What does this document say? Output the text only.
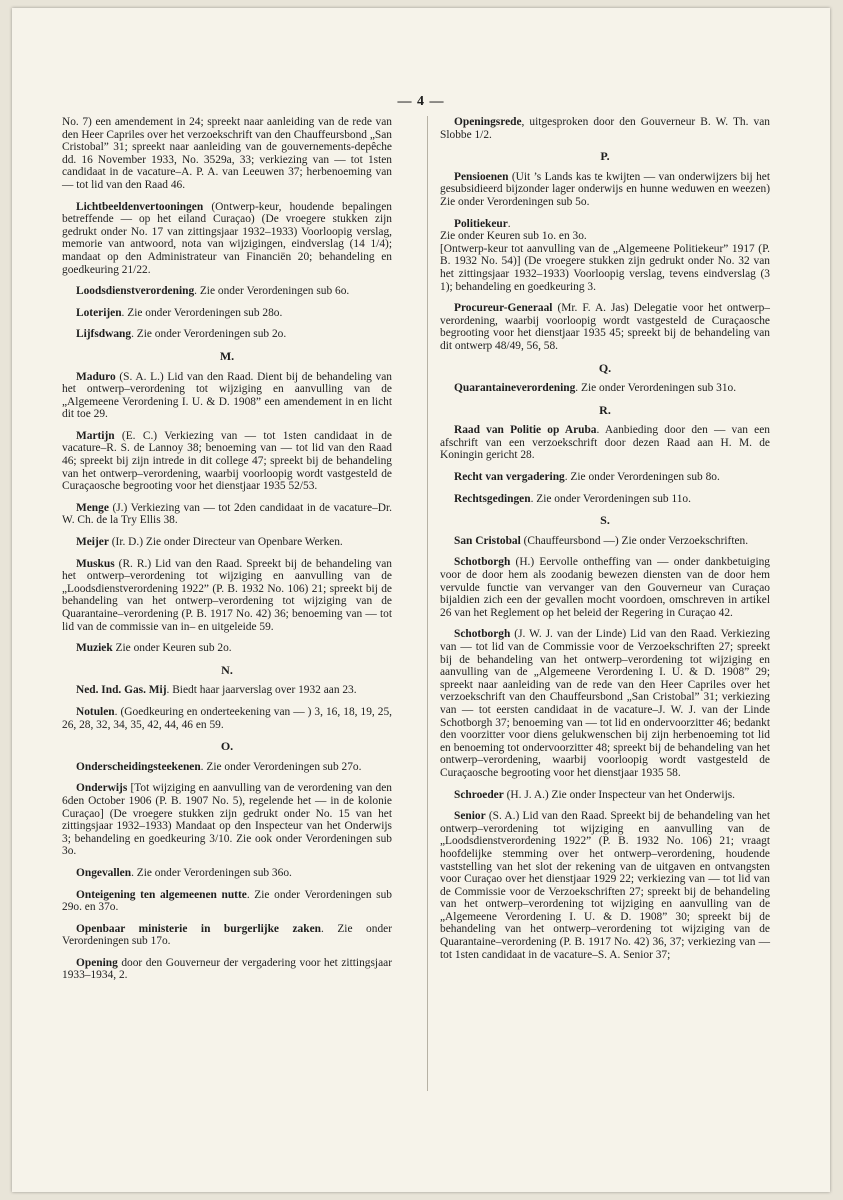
— 4 —
No. 7) een amendement in 24; spreekt naar aanleiding van de rede van den Heer Capriles over het verzoekschrift van den Chauffeursbond „San Cristobal” 31; spreekt naar aanleiding van de gouvernements-depêche dd. 16 November 1933, No. 3529a, 33; verkiezing van — tot 1sten candidaat in de vacature–A. P. A. van Leeuwen 37; herbenoeming van — tot lid van den Raad 46.
Lichtbeeldenvertooningen (Ontwerp-keur, houdende bepalingen betreffende — op het eiland Curaçao) (De vroegere stukken zijn gedrukt onder No. 17 van zittingsjaar 1932–1933) Voorloopig verslag, memorie van antwoord, nota van wijzigingen, eindverslag (14 1/4); mandaat op den Administrateur van Financiën 20; behandeling en goedkeuring 21/22.
Loodsdienstverordening. Zie onder Verordeningen sub 6o.
Loterijen. Zie onder Verordeningen sub 28o.
Lijfsdwang. Zie onder Verordeningen sub 2o.
M.
Maduro (S. A. L.) Lid van den Raad. Dient bij de behandeling van het ontwerp–verordening tot wijziging en aanvulling van de „Algemeene Verordening I. U. & D. 1908” een amendement in en licht dit toe 29.
Martijn (E. C.) Verkiezing van — tot 1sten candidaat in de vacature–R. S. de Lannoy 38; benoeming van — tot lid van den Raad 46; spreekt bij zijn intrede in dit college 47; spreekt bij de behandeling van het ontwerp–verordening, waarbij voorloopig wordt vastgesteld de Curaçaosche begrooting voor het dienstjaar 1935 52/53.
Menge (J.) Verkiezing van — tot 2den candidaat in de vacature–Dr. W. Ch. de la Try Ellis 38.
Meijer (Ir. D.) Zie onder Directeur van Openbare Werken.
Muskus (R. R.) Lid van den Raad. Spreekt bij de behandeling van het ontwerp–verordening tot wijziging en aanvulling van de „Loodsdienstverordening 1922” (P. B. 1932 No. 106) 21; spreekt bij de behandeling van het ontwerp–verordening tot wijziging van de Quarantaine–verordening (P. B. 1917 No. 42) 36; benoeming van — tot lid van de commissie van in– en uitgeleide 59.
Muziek Zie onder Keuren sub 2o.
N.
Ned. Ind. Gas. Mij. Biedt haar jaarverslag over 1932 aan 23.
Notulen. (Goedkeuring en onderteekening van — ) 3, 16, 18, 19, 25, 26, 28, 32, 34, 35, 42, 44, 46 en 59.
O.
Onderscheidingsteekenen. Zie onder Verordeningen sub 27o.
Onderwijs [Tot wijziging en aanvulling van de verordening van den 6den October 1906 (P. B. 1907 No. 5), regelende het — in de kolonie Curaçao] (De vroegere stukken zijn gedrukt onder No. 15 van het zittingsjaar 1932–1933) Mandaat op den Inspecteur van het Onderwijs 3; behandeling en goedkeuring 3/10. Zie ook onder Verordeningen sub 3o.
Ongevallen. Zie onder Verordeningen sub 36o.
Onteigening ten algemeenen nutte. Zie onder Verordeningen sub 29o. en 37o.
Openbaar ministerie in burgerlijke zaken. Zie onder Verordeningen sub 17o.
Opening door den Gouverneur der vergadering voor het zittingsjaar 1933–1934, 2.
Openingsrede, uitgesproken door den Gouverneur B. W. Th. van Slobbe 1/2.
P.
Pensioenen (Uit ’s Lands kas te kwijten — van onderwijzers bij het gesubsidieerd bijzonder lager onderwijs en hunne weduwen en weezen) Zie onder Verordeningen sub 5o.
Politiekeur.
Zie onder Keuren sub 1o. en 3o.
[Ontwerp-keur tot aanvulling van de „Algemeene Politiekeur” 1917 (P. B. 1932 No. 54)] (De vroegere stukken zijn gedrukt onder No. 32 van het zittingsjaar 1932–1933) Voorloopig verslag, tevens eindverslag (3 1); behandeling en goedkeuring 3.
Procureur-Generaal (Mr. F. A. Jas) Delegatie voor het ontwerp–verordening, waarbij voorloopig wordt vastgesteld de Curaçaosche begrooting voor het dienstjaar 1935 45; spreekt bij de behandeling van dit ontwerp 48/49, 56, 58.
Q.
Quarantaineverordening. Zie onder Verordeningen sub 31o.
R.
Raad van Politie op Aruba. Aanbieding door den — van een afschrift van een verzoekschrift door dezen Raad aan H. M. de Koningin gericht 28.
Recht van vergadering. Zie onder Verordeningen sub 8o.
Rechtsgedingen. Zie onder Verordeningen sub 11o.
S.
San Cristobal (Chauffeursbond —) Zie onder Verzoekschriften.
Schotborgh (H.) Eervolle ontheffing van — onder dankbetuiging voor de door hem als zoodanig bewezen diensten van de door hem vervulde functie van vervanger van den Gouverneur van Curaçao bijaldien zich een der gevallen mocht voordoen, omschreven in artikel 26 van het Reglement op het beleid der Regering in Curaçao 42.
Schotborgh (J. W. J. van der Linde) Lid van den Raad. Verkiezing van — tot lid van de Commissie voor de Verzoekschriften 27; spreekt bij de behandeling van het ontwerp–verordening tot wijziging en aanvulling van de „Algemeene Verordening I. U. & D. 1908” 29; spreekt naar aanleiding van de rede van den Heer Capriles over het verzoekschrift van den Chauffeursbond „San Cristobal” 31; verkiezing van — tot eersten candidaat in de vacature–J. W. J. van der Linde Schotborgh 37; benoeming van — tot lid en ondervoorzitter 46; bedankt den voorzitter voor diens gelukwenschen bij zijn herbenoeming tot lid en benoeming tot ondervoorzitter 48; spreekt bij de behandeling van het ontwerp–verordening, waarbij voorloopig wordt vastgesteld de Curaçaosche begrooting voor het dienstjaar 1935 58.
Schroeder (H. J. A.) Zie onder Inspecteur van het Onderwijs.
Senior (S. A.) Lid van den Raad. Spreekt bij de behandeling van het ontwerp–verordening tot wijziging en aanvulling van de „Loodsdienstverordening 1922” (P. B. 1932 No. 106) 21; vraagt hoofdelijke stemming over het ontwerp–verordening, houdende vaststelling van het slot der rekening van de uitgaven en ontvangsten voor Curaçao over het dienstjaar 1929 22; verkiezing van — tot lid van de Commissie voor de Verzoekschriften 27; spreekt bij de behandeling van het ontwerp–verordening tot wijziging en aanvulling van de „Algemeene Verordening I. U. & D. 1908” 30; spreekt bij de behandeling van het ontwerp–verordening tot wijziging van de Quarantaine–verordening (P. B. 1917 No. 42) 36, 37; verkiezing van — tot 1sten candidaat in de vacature–S. A. Senior 37;
